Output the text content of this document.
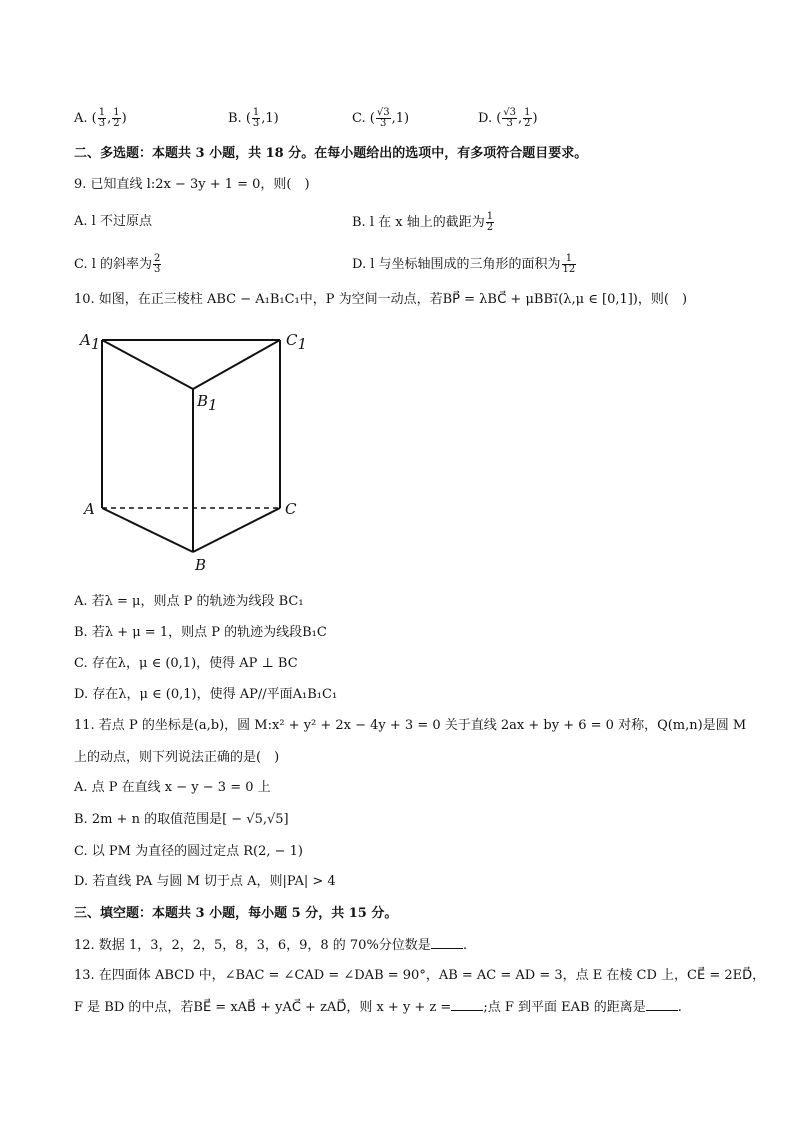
A. ( $\frac{1}{3}$ , $\frac{1}{2}$ )	B. ( $\frac{1}{3} ,1$)	C. ( $\frac{√3}{3} ,1$)	D. ( $\frac{√3}{3}$ , $\frac{1}{2}$ )
二、多选题：本题共 3 小题，共 18 分。在每小题给出的选项中，有多项符合题目要求。
9. 已知直线 l:2x − 3y + 1 = 0，则(　)
A. l 不过原点	B. l 在 x 轴上的截距为 $\frac{1}{2}$
C. l 的斜率为 $\frac{2}{3}$	D. l 与坐标轴围成的三角形的面积为 $\frac{1}{12}$
10. 如图，在正三棱柱 ABC − A₁B₁C₁中，P 为空间一动点，若BP⃗ = λBC⃗ + μBB₁⃗(λ,μ ∈ [0,1])，则(　)
A1	C1
B1
A	C
B
A. 若λ = μ，则点 P 的轨迹为线段 BC₁
B. 若λ + μ = 1，则点 P 的轨迹为线段B₁C
C. 存在λ，μ ∈ (0,1)，使得 AP ⊥ BC
D. 存在λ，μ ∈ (0,1)，使得 AP//平面A₁B₁C₁
11. 若点 P 的坐标是(a,b)，圆 M:x² + y² + 2x − 4y + 3 = 0 关于直线 2ax + by + 6 = 0 对称，Q(m,n)是圆 M
上的动点，则下列说法正确的是(　)
A. 点 P 在直线 x − y − 3 = 0 上
B. 2m + n 的取值范围是[ − √5,√5]
C. 以 PM 为直径的圆过定点 R(2, − 1)
D. 若直线 PA 与圆 M 切于点 A，则|PA| > 4
三、填空题：本题共 3 小题，每小题 5 分，共 15 分。
12. 数据 1，3，2，2，5，8，3，6，9，8 的 70%分位数是 .
13. 在四面体 ABCD 中，∠BAC = ∠CAD = ∠DAB = 90°，AB = AC = AD = 3，点 E 在棱 CD 上，CE⃗ = 2ED⃗，
F 是 BD 的中点，若BE⃗ = xAB⃗ + yAC⃗ + zAD⃗，则 x + y + z = ;点 F 到平面 EAB 的距离是 .
